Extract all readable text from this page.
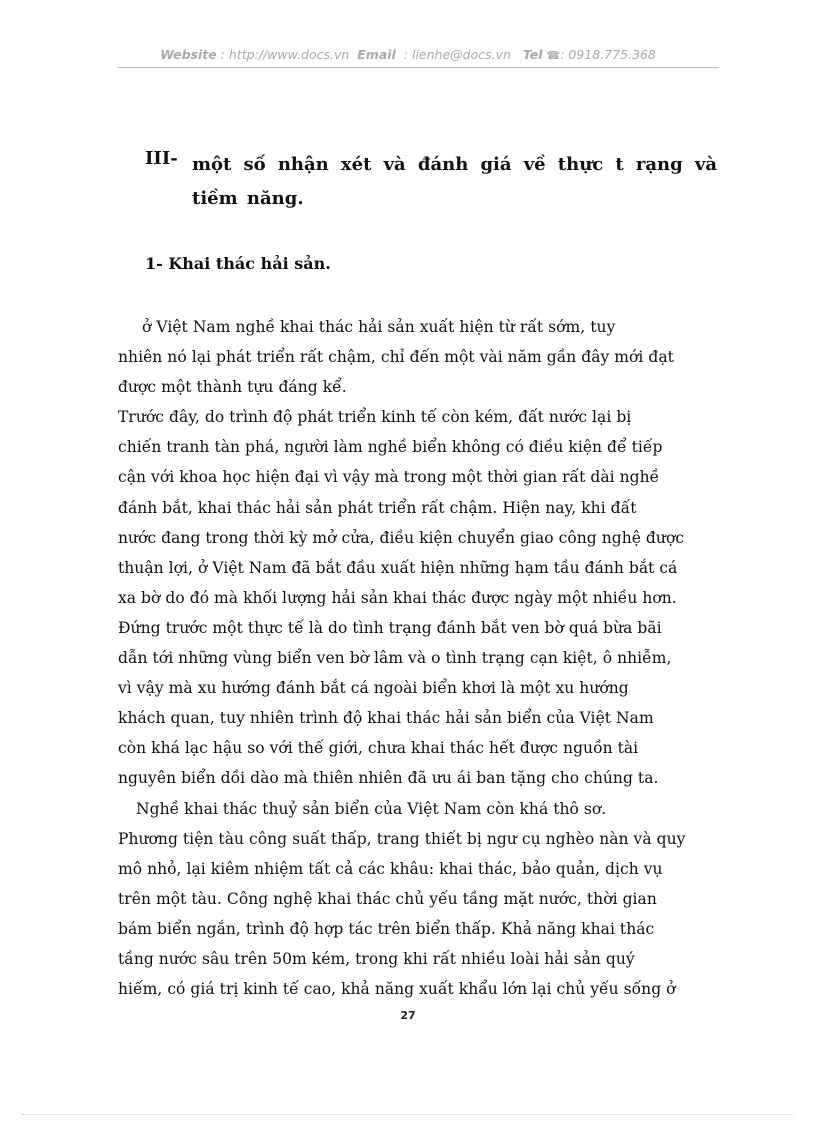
Website : http://www.docs.vn Email : lienhe@docs.vn Tel ☎: 0918.775.368
III- một số nhận xét và đánh giá về thực t rạng và tiềm năng.
1- Khai thác hải sản.
ở Việt Nam nghề khai thác hải sản xuất hiện từ rất sớm, tuy
nhiên nó lại phát triển rất chậm, chỉ đến một vài năm gần đây mới đạt
được một thành tựu đáng kể.
Trước đây, do trình độ phát triển kinh tế còn kém, đất nước lại bị
chiến tranh tàn phá, người làm nghề biển không có điều kiện để tiếp
cận với khoa học hiện đại vì vậy mà trong một thời gian rất dài nghề
đánh bắt, khai thác hải sản phát triển rất chậm. Hiện nay, khi đất
nước đang trong thời kỳ mở cửa, điều kiện chuyển giao công nghệ được
thuận lợi, ở Việt Nam đã bắt đầu xuất hiện những hạm tầu đánh bắt cá
xa bờ do đó mà khối lượng hải sản khai thác được ngày một nhiều hơn.
Đứng trước một thực tế là do tình trạng đánh bắt ven bờ quá bừa bãi
dẫn tới những vùng biển ven bờ lâm và o tình trạng cạn kiệt, ô nhiễm,
vì vậy mà xu hướng đánh bắt cá ngoài biển khơi là một xu hướng
khách quan, tuy nhiên trình độ khai thác hải sản biển của Việt Nam
còn khá lạc hậu so với thế giới, chưa khai thác hết được nguồn tài
nguyên biển dồi dào mà thiên nhiên đã ưu ái ban tặng cho chúng ta.
Nghề khai thác thuỷ sản biển của Việt Nam còn khá thô sơ.
Phương tiện tàu công suất thấp, trang thiết bị ngư cụ nghèo nàn và quy
mô nhỏ, lại kiêm nhiệm tất cả các khâu: khai thác, bảo quản, dịch vụ
trên một tàu. Công nghệ khai thác chủ yếu tầng mặt nước, thời gian
bám biển ngắn, trình độ hợp tác trên biển thấp. Khả năng khai thác
tầng nước sâu trên 50m kém, trong khi rất nhiều loài hải sản quý
hiếm, có giá trị kinh tế cao, khả năng xuất khẩu lớn lại chủ yếu sống ở
27
